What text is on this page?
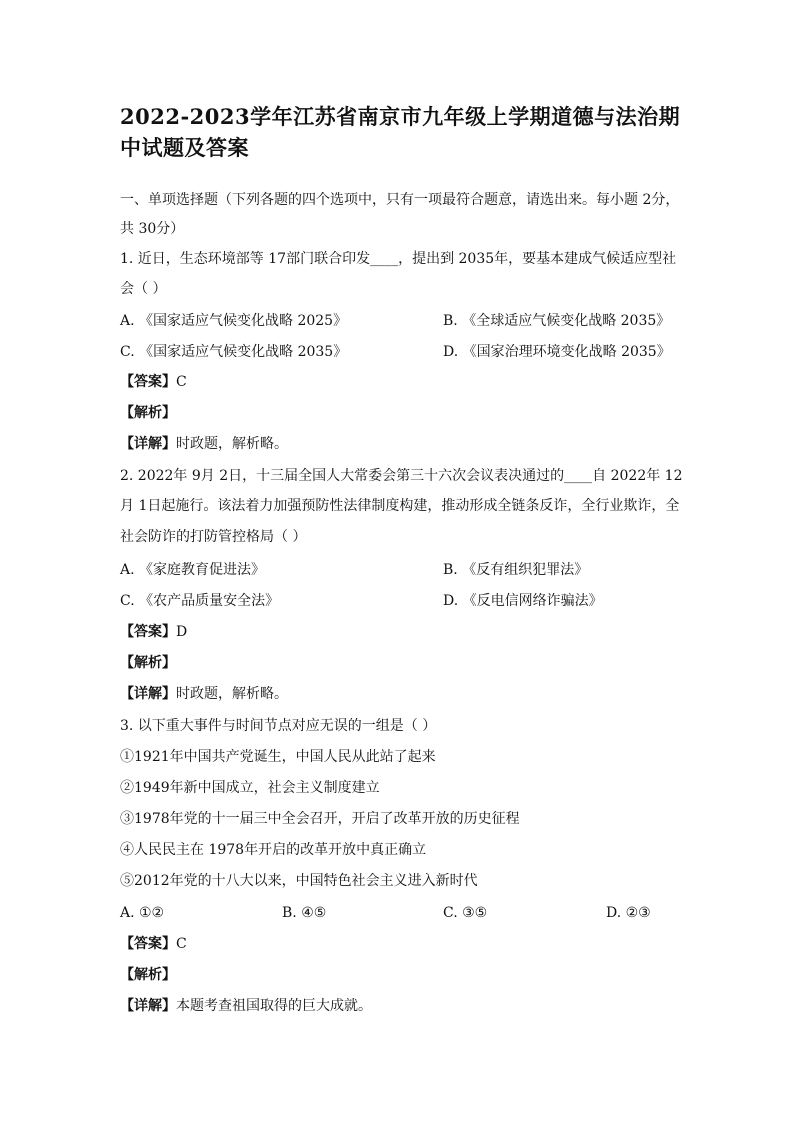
2022-2023学年江苏省南京市九年级上学期道德与法治期中试题及答案
一、单项选择题（下列各题的四个选项中，只有一项最符合题意，请选出来。每小题 2分，
共 30分）
1. 近日，生态环境部等 17部门联合印发____，提出到 2035年，要基本建成气候适应型社
会（ ）
A. 《国家适应气候变化战略 2025》	B. 《全球适应气候变化战略 2035》
C. 《国家适应气候变化战略 2035》	D. 《国家治理环境变化战略 2035》
【答案】C
【解析】
【详解】时政题，解析略。
2. 2022年 9月 2日，十三届全国人大常委会第三十六次会议表决通过的____自 2022年 12
月 1日起施行。该法着力加强预防性法律制度构建，推动形成全链条反诈，全行业欺诈，全
社会防诈的打防管控格局（ ）
A. 《家庭教育促进法》	B. 《反有组织犯罪法》
C. 《农产品质量安全法》	D. 《反电信网络诈骗法》
【答案】D
【解析】
【详解】时政题，解析略。
3. 以下重大事件与时间节点对应无误的一组是（ ）
①1921年中国共产党诞生，中国人民从此站了起来
②1949年新中国成立，社会主义制度建立
③1978年党的十一届三中全会召开，开启了改革开放的历史征程
④人民民主在 1978年开启的改革开放中真正确立
⑤2012年党的十八大以来，中国特色社会主义进入新时代
A. ①②	B. ④⑤	C. ③⑤	D. ②③
【答案】C
【解析】
【详解】本题考查祖国取得的巨大成就。
